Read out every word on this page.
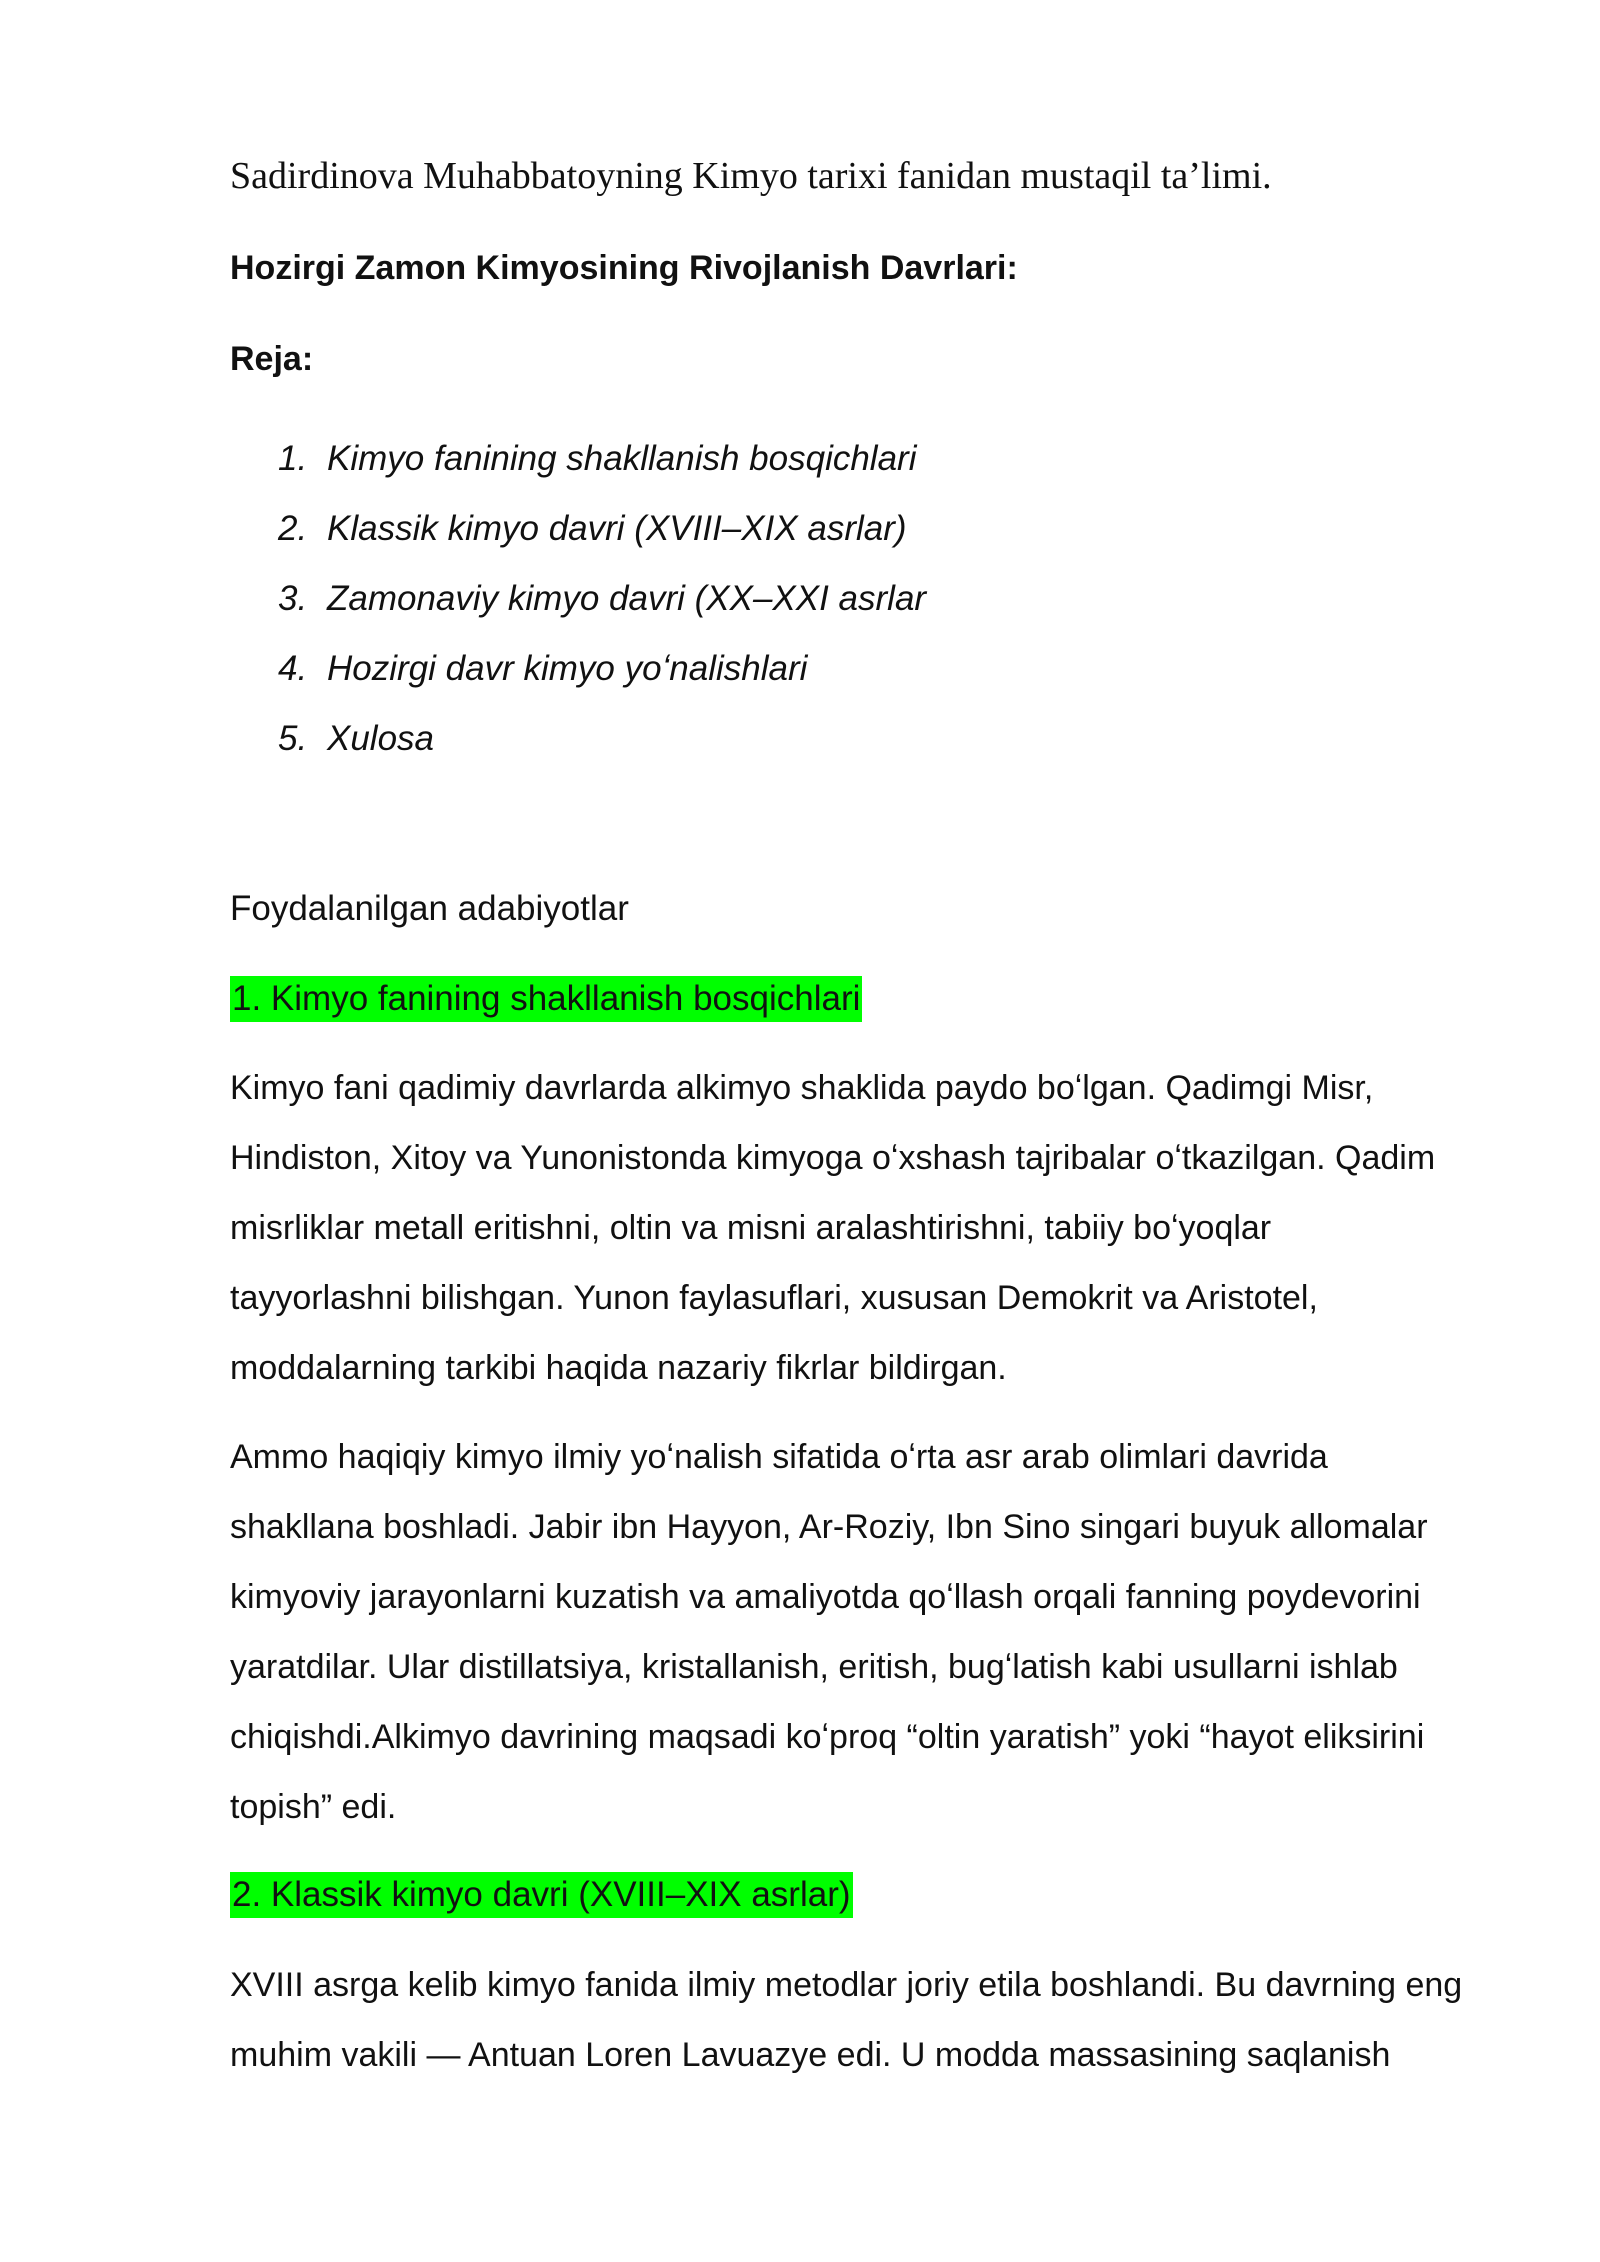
Sadirdinova Muhabbatoyning Kimyo tarixi fanidan mustaqil ta’limi.
Hozirgi Zamon Kimyosining Rivojlanish Davrlari:
Reja:
1. Kimyo fanining shakllanish bosqichlari
2. Klassik kimyo davri (XVIII–XIX asrlar)
3. Zamonaviy kimyo davri (XX–XXI asrlar
4. Hozirgi davr kimyo yoʻnalishlari
5. Xulosa
Foydalanilgan adabiyotlar
1. Kimyo fanining shakllanish bosqichlari

Kimyo fani qadimiy davrlarda alkimyo shaklida paydo boʻlgan. Qadimgi Misr,
Hindiston, Xitoy va Yunonistonda kimyoga oʻxshash tajribalar oʻtkazilgan. Qadim
misrliklar metall eritishni, oltin va misni aralashtirishni, tabiiy boʻyoqlar
tayyorlashni bilishgan. Yunon faylasuflari, xususan Demokrit va Aristotel,
moddalarning tarkibi haqida nazariy fikrlar bildirgan.

Ammo haqiqiy kimyo ilmiy yoʻnalish sifatida oʻrta asr arab olimlari davrida
shakllana boshladi. Jabir ibn Hayyon, Ar-Roziy, Ibn Sino singari buyuk allomalar
kimyoviy jarayonlarni kuzatish va amaliyotda qoʻllash orqali fanning poydevorini
yaratdilar. Ular distillatsiya, kristallanish, eritish, bugʻlatish kabi usullarni ishlab
chiqishdi.Alkimyo davrining maqsadi koʻproq “oltin yaratish” yoki “hayot eliksirini
topish” edi.

2. Klassik kimyo davri (XVIII–XIX asrlar)

XVIII asrga kelib kimyo fanida ilmiy metodlar joriy etila boshlandi. Bu davrning eng
muhim vakili — Antuan Loren Lavuazye edi. U modda massasining saqlanish
